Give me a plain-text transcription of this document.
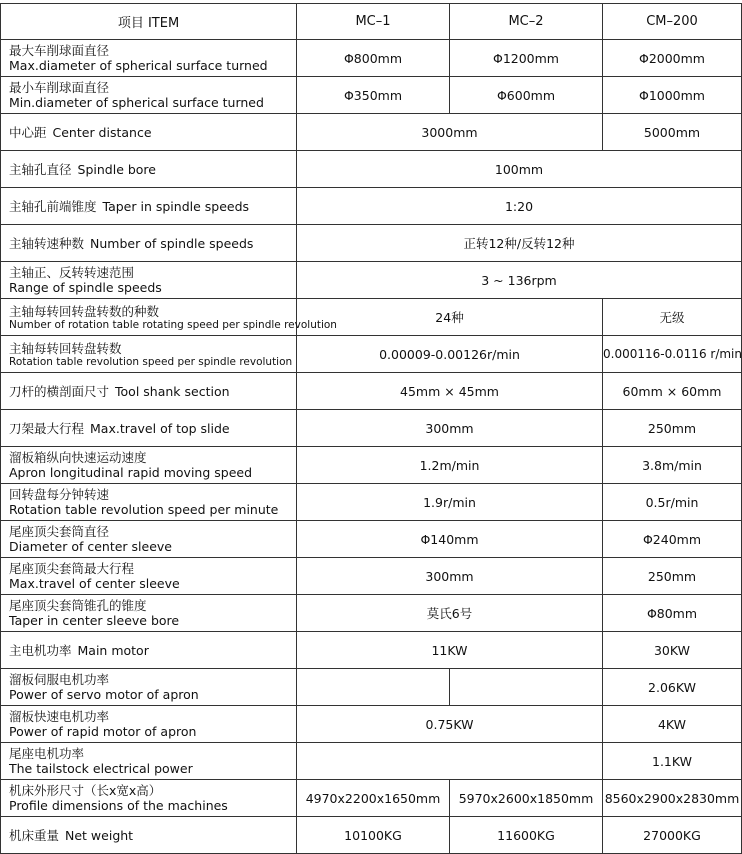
项目 ITEM	MC–1	MC–2	CM–200

最大车削球面直径
Max.diameter of spherical surface turned	Φ800mm	Φ1200mm	Φ2000mm

最小车削球面直径
Min.diameter of spherical surface turned	Φ350mm	Φ600mm	Φ1000mm
中心距 Center distance	3000mm		5000mm
主轴孔直径 Spindle bore	100mm		
主轴孔前端锥度 Taper in spindle speeds	1:20		
主轴转速种数 Number of spindle speeds	正转12种/反转12种		

主轴正、反转转速范围
Range of spindle speeds	3 ~ 136rpm		

主轴每转回转盘转数的种数
Number of rotation table rotating speed per spindle revolution	24种		无级

主轴每转回转盘转数
Rotation table revolution speed per spindle revolution	0.00009-0.00126r/min		0.000116-0.0116 r/min
刀杆的横剖面尺寸 Tool shank section	45mm × 45mm		60mm × 60mm
刀架最大行程 Max.travel of top slide	300mm		250mm

溜板箱纵向快速运动速度
Apron longitudinal rapid moving speed	1.2m/min		3.8m/min

回转盘每分钟转速
Rotation table revolution speed per minute	1.9r/min		0.5r/min

尾座顶尖套筒直径
Diameter of center sleeve	Φ140mm		Φ240mm

尾座顶尖套筒最大行程
Max.travel of center sleeve	300mm		250mm

尾座顶尖套筒锥孔的锥度
Taper in center sleeve bore	莫氏6号		Φ80mm
主电机功率 Main motor	11KW		30KW

溜板伺服电机功率
Power of servo motor of apron			2.06KW

溜板快速电机功率
Power of rapid motor of apron	0.75KW		4KW

尾座电机功率
The tailstock electrical power			1.1KW

机床外形尺寸（长x宽x高）
Profile dimensions of the machines	4970x2200x1650mm	5970x2600x1850mm	8560x2900x2830mm
机床重量 Net weight	10100KG	11600KG	27000KG
